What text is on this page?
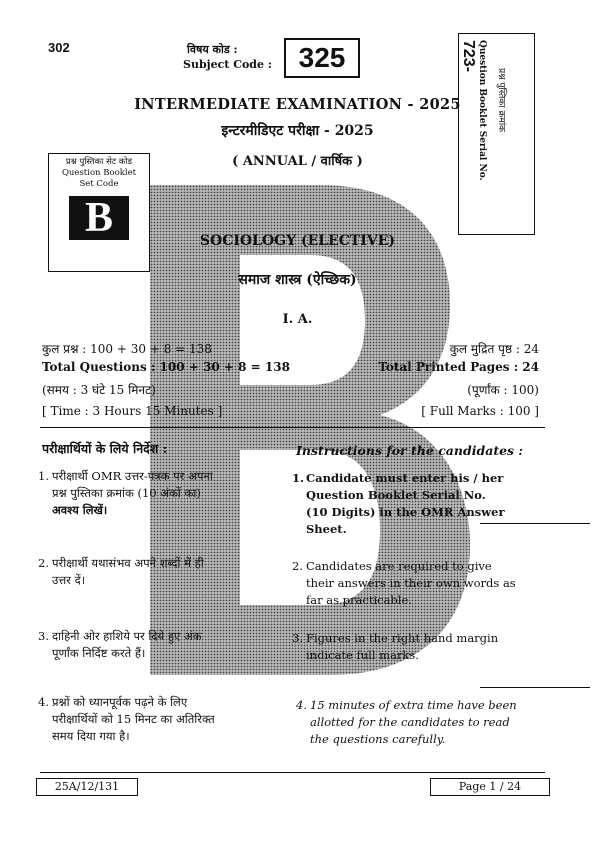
302	विषय कोड :
Subject Code : 325	723- Question Booklet Serial No. प्रश्न पुस्तिका क्रमांक
INTERMEDIATE EXAMINATION - 2025
इन्टरमीडिएट परीक्षा - 2025
( ANNUAL / वार्षिक )
प्रश्न पुस्तिका सेट कोड
Question Booklet
Set Code
B	SOCIOLOGY (ELECTIVE)
समाज शास्त्र (ऐच्छिक)
I. A.
कुल प्रश्न : 100 + 30 + 8 = 138
Total Questions : 100 + 30 + 8 = 138
(समय : 3 घंटे 15 मिनट)
[ Time : 3 Hours 15 Minutes ]
कुल मुद्रित पृष्ठ : 24
Total Printed Pages : 24
(पूर्णांक : 100)
[ Full Marks : 100 ]
परीक्षार्थियों के लिये निर्देश :	Instructions for the candidates :
1. परीक्षार्थी OMR उत्तर-पत्रक पर अपना
प्रश्न पुस्तिका क्रमांक (10 अंकों का)
अवश्य लिखें।
2. परीक्षार्थी यथासंभव अपने शब्दों में ही
उत्तर दें।
3. दाहिनी ओर हाशिये पर दिये हुए अंक
पूर्णांक निर्दिष्ट करते हैं।
4. प्रश्नों को ध्यानपूर्वक पढ़ने के लिए
परीक्षार्थियों को 15 मिनट का अतिरिक्त
समय दिया गया है।
1. Candidate must enter his / her
Question Booklet Serial No.
(10 Digits) in the OMR Answer
Sheet.
2. Candidates are required to give
their answers in their own words as
far as practicable.
3. Figures in the right hand margin
indicate full marks.
4. 15 minutes of extra time have been
allotted for the candidates to read
the questions carefully.
25A/12/131	Page 1 / 24
